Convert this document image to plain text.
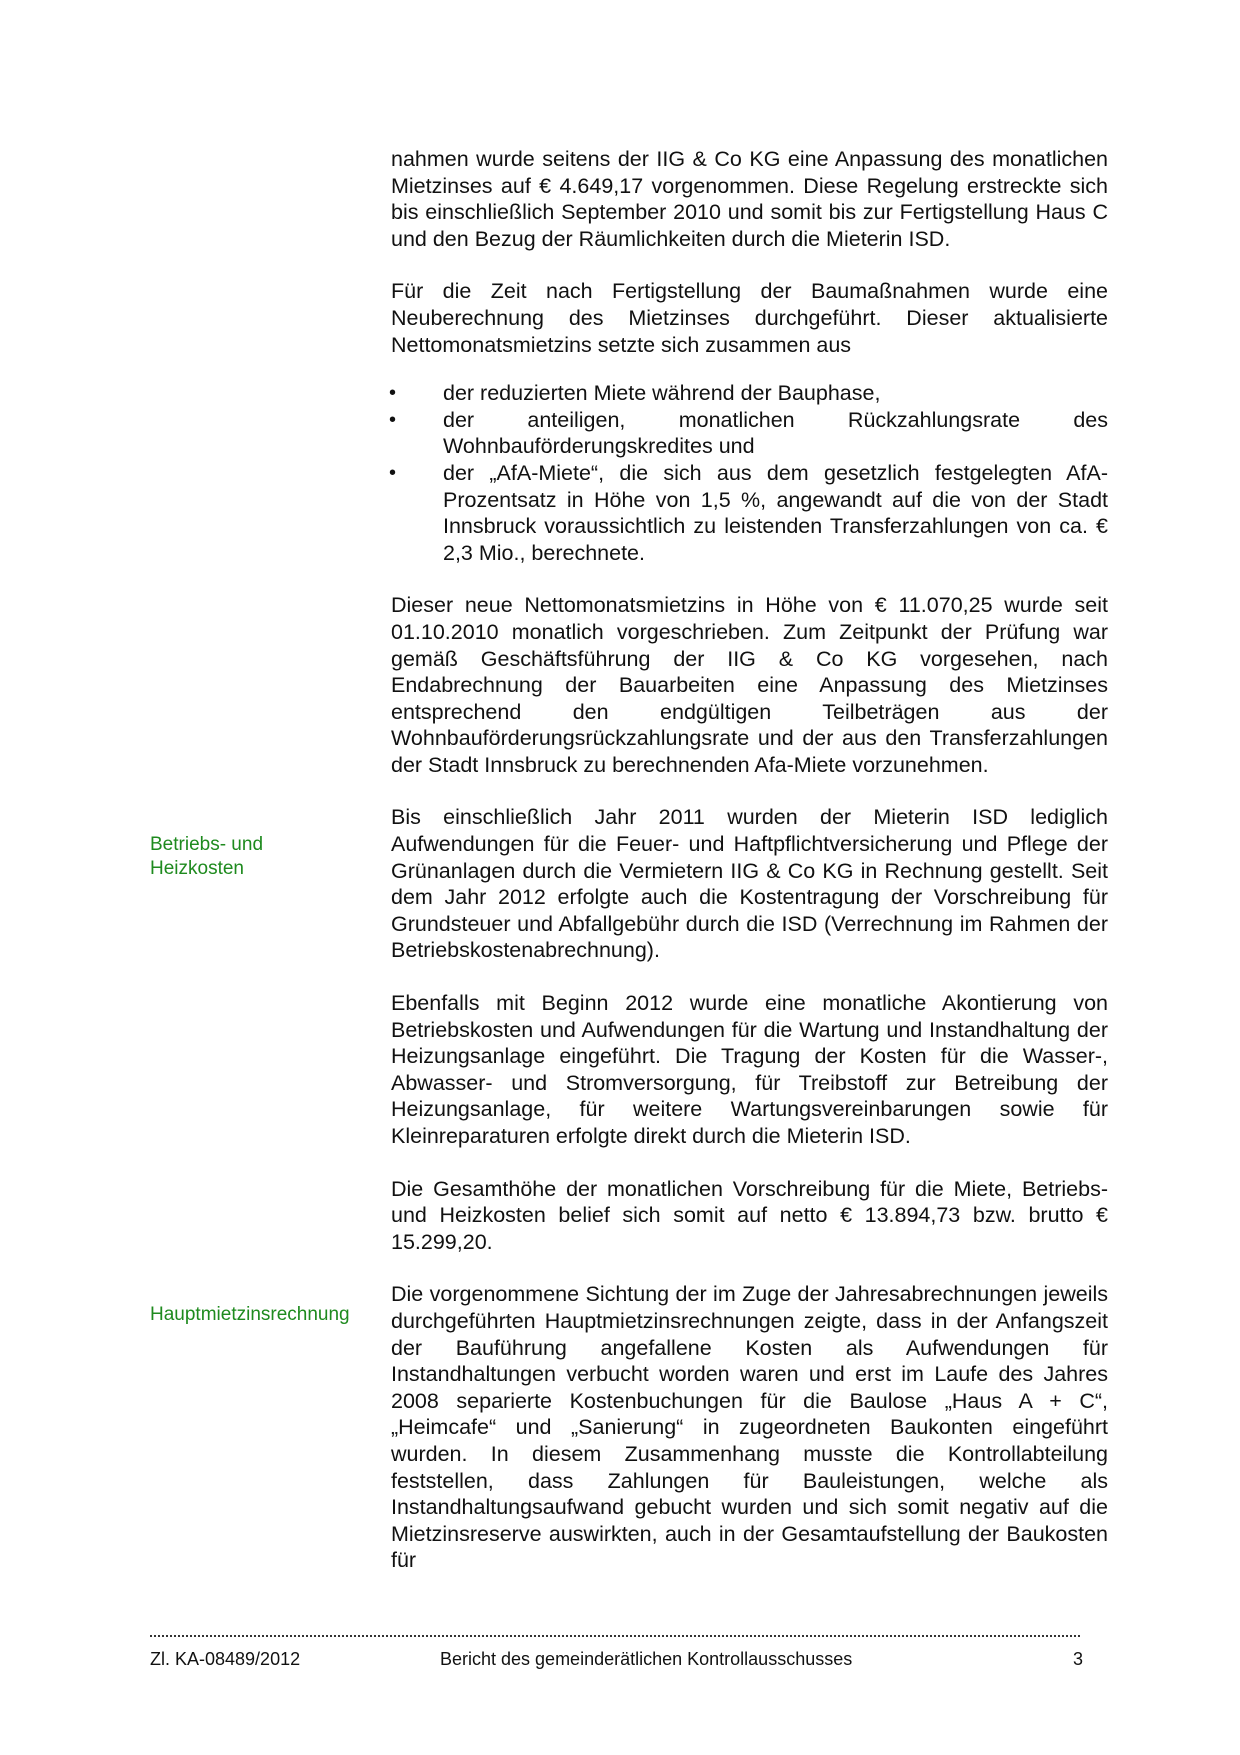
nahmen wurde seitens der IIG & Co KG eine Anpassung des monatlichen Mietzinses auf € 4.649,17 vorgenommen. Diese Regelung erstreckte sich bis einschließlich September 2010 und somit bis zur Fertigstellung Haus C und den Bezug der Räumlichkeiten durch die Mieterin ISD.

Für die Zeit nach Fertigstellung der Baumaßnahmen wurde eine Neuberechnung des Mietzinses durchgeführt. Dieser aktualisierte Nettomonatsmietzins setzte sich zusammen aus

• der reduzierten Miete während der Bauphase,
• der anteiligen, monatlichen Rückzahlungsrate des Wohnbauförderungskredites und
• der „AfA-Miete“, die sich aus dem gesetzlich festgelegten AfA-Prozentsatz in Höhe von 1,5 %, angewandt auf die von der Stadt Innsbruck voraussichtlich zu leistenden Transferzahlungen von ca. € 2,3 Mio., berechnete.

Dieser neue Nettomonatsmietzins in Höhe von € 11.070,25 wurde seit 01.10.2010 monatlich vorgeschrieben. Zum Zeitpunkt der Prüfung war gemäß Geschäftsführung der IIG & Co KG vorgesehen, nach Endabrechnung der Bauarbeiten eine Anpassung des Mietzinses entsprechend den endgültigen Teilbeträgen aus der Wohnbauförderungsrückzahlungsrate und der aus den Transferzahlungen der Stadt Innsbruck zu berechnenden Afa-Miete vorzunehmen.

Bis einschließlich Jahr 2011 wurden der Mieterin ISD lediglich Aufwendungen für die Feuer- und Haftpflichtversicherung und Pflege der Grünanlagen durch die Vermietern IIG & Co KG in Rechnung gestellt. Seit dem Jahr 2012 erfolgte auch die Kostentragung der Vorschreibung für Grundsteuer und Abfallgebühr durch die ISD (Verrechnung im Rahmen der Betriebskostenabrechnung).

Ebenfalls mit Beginn 2012 wurde eine monatliche Akontierung von Betriebskosten und Aufwendungen für die Wartung und Instandhaltung der Heizungsanlage eingeführt. Die Tragung der Kosten für die Wasser-, Abwasser- und Stromversorgung, für Treibstoff zur Betreibung der Heizungsanlage, für weitere Wartungsvereinbarungen sowie für Kleinreparaturen erfolgte direkt durch die Mieterin ISD.

Die Gesamthöhe der monatlichen Vorschreibung für die Miete, Betriebs- und Heizkosten belief sich somit auf netto € 13.894,73 bzw. brutto € 15.299,20.

Die vorgenommene Sichtung der im Zuge der Jahresabrechnungen jeweils durchgeführten Hauptmietzinsrechnungen zeigte, dass in der Anfangszeit der Bauführung angefallene Kosten als Aufwendungen für Instandhaltungen verbucht worden waren und erst im Laufe des Jahres 2008 separierte Kostenbuchungen für die Baulose „Haus A + C“, „Heimcafe“ und „Sanierung“ in zugeordneten Baukonten eingeführt wurden. In diesem Zusammenhang musste die Kontrollabteilung feststellen, dass Zahlungen für Bauleistungen, welche als Instandhaltungsaufwand gebucht wurden und sich somit negativ auf die Mietzinsreserve auswirkten, auch in der Gesamtaufstellung der Baukosten für

Betriebs- und Heizkosten
Hauptmietzinsrechnung
Zl. KA-08489/2012	Bericht des gemeinderätlichen Kontrollausschusses	3
